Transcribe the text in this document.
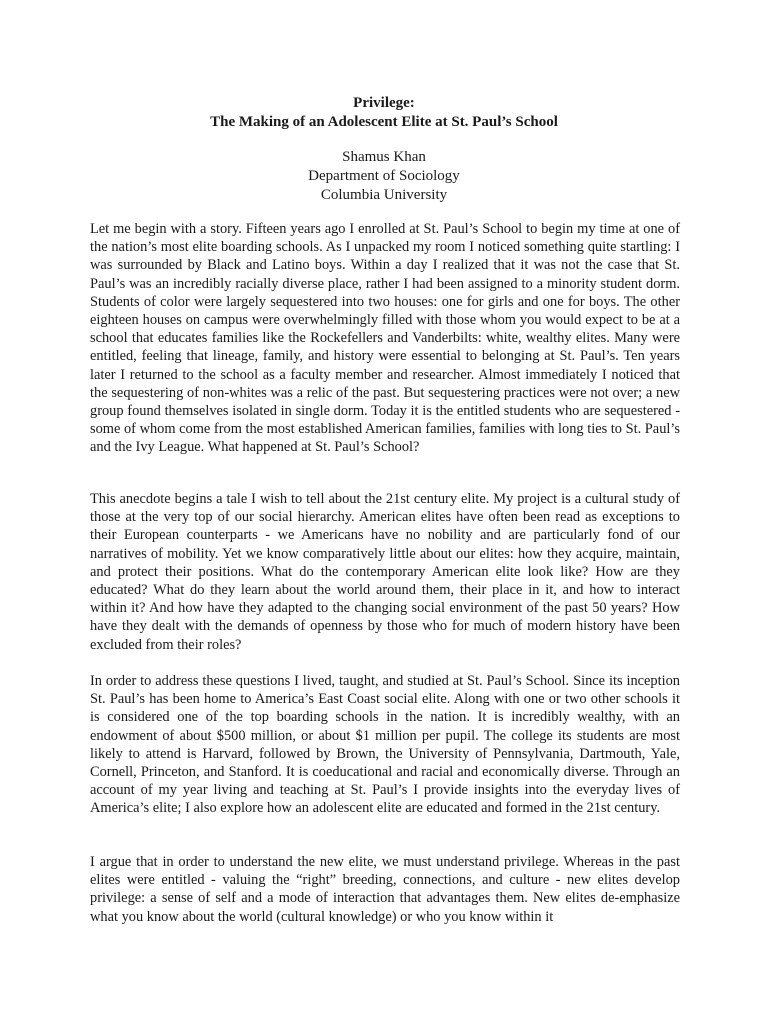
Privilege:
The Making of an Adolescent Elite at St. Paul’s School
Shamus Khan
Department of Sociology
Columbia University

Let me begin with a story. Fifteen years ago I enrolled at St. Paul’s School to begin my time at one of the nation’s most elite boarding schools. As I unpacked my room I noticed something quite startling: I was surrounded by Black and Latino boys. Within a day I realized that it was not the case that St. Paul’s was an incredibly racially diverse place, rather I had been assigned to a minority student dorm. Students of color were largely sequestered into two houses: one for girls and one for boys. The other eighteen houses on campus were overwhelmingly filled with those whom you would expect to be at a school that educates families like the Rockefellers and Vanderbilts: white, wealthy elites. Many were entitled, feeling that lineage, family, and history were essential to belonging at St. Paul’s. Ten years later I returned to the school as a faculty member and researcher. Almost immediately I noticed that the sequestering of non-whites was a relic of the past. But sequestering practices were not over; a new group found themselves isolated in single dorm. Today it is the entitled students who are sequestered - some of whom come from the most established American families, families with long ties to St. Paul’s and the Ivy League. What happened at St. Paul’s School?

This anecdote begins a tale I wish to tell about the 21st century elite. My project is a cultural study of those at the very top of our social hierarchy. American elites have often been read as exceptions to their European counterparts - we Americans have no nobility and are particularly fond of our narratives of mobility. Yet we know comparatively little about our elites: how they acquire, maintain, and protect their positions. What do the contemporary American elite look like? How are they educated? What do they learn about the world around them, their place in it, and how to interact within it? And how have they adapted to the changing social environment of the past 50 years? How have they dealt with the demands of openness by those who for much of modern history have been excluded from their roles?

In order to address these questions I lived, taught, and studied at St. Paul’s School. Since its inception St. Paul’s has been home to America’s East Coast social elite. Along with one or two other schools it is considered one of the top boarding schools in the nation. It is incredibly wealthy, with an endowment of about $500 million, or about $1 million per pupil. The college its students are most likely to attend is Harvard, followed by Brown, the University of Pennsylvania, Dartmouth, Yale, Cornell, Princeton, and Stanford. It is coeducational and racial and economically diverse. Through an account of my year living and teaching at St. Paul’s I provide insights into the everyday lives of America’s elite; I also explore how an adolescent elite are educated and formed in the 21st century.

I argue that in order to understand the new elite, we must understand privilege. Whereas in the past elites were entitled - valuing the “right” breeding, connections, and culture - new elites develop privilege: a sense of self and a mode of interaction that advantages them. New elites de-emphasize what you know about the world (cultural knowledge) or who you know within it
